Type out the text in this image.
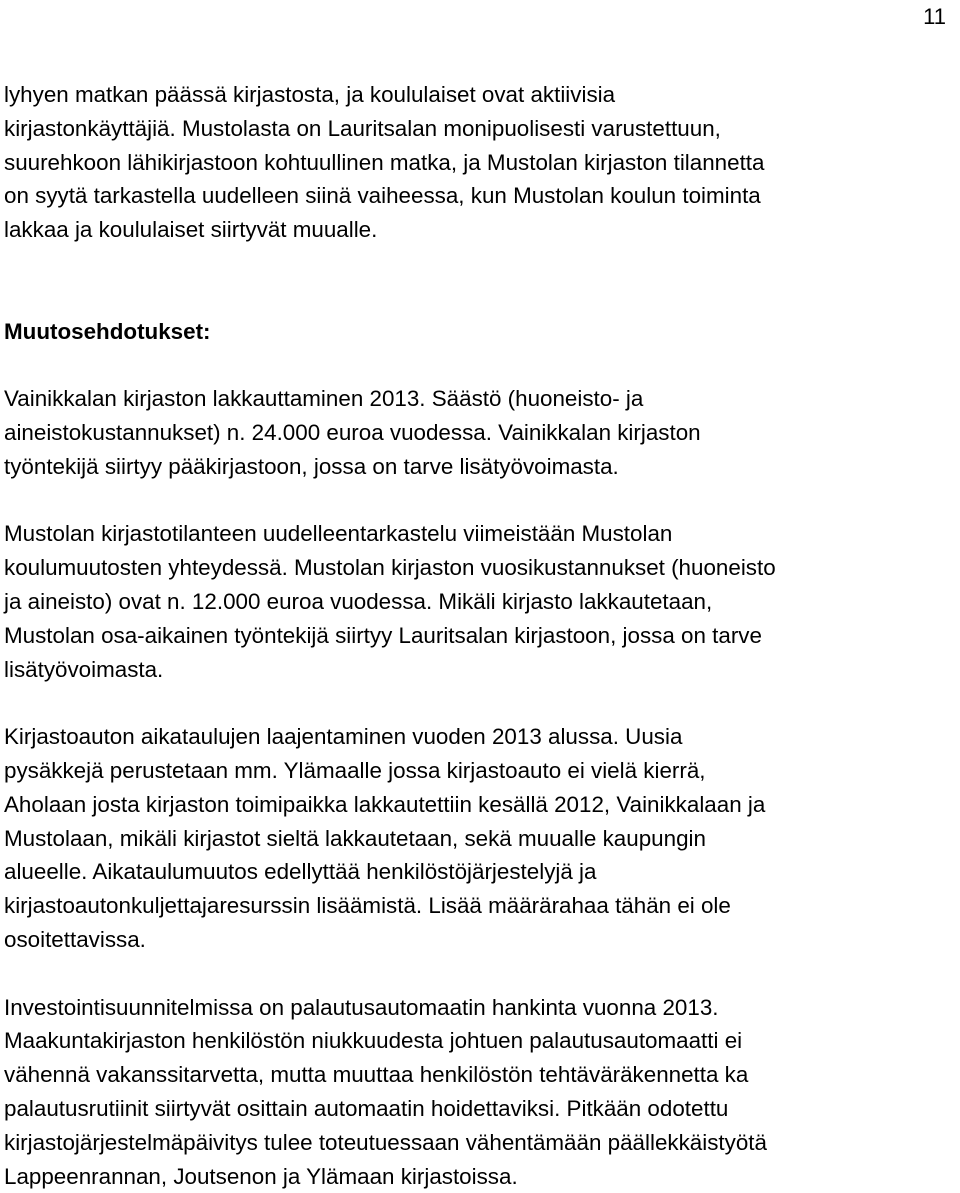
11

lyhyen matkan päässä kirjastosta, ja koululaiset ovat aktiivisia
kirjastonkäyttäjiä. Mustolasta on Lauritsalan monipuolisesti varustettuun,
suurehkoon lähikirjastoon kohtuullinen matka, ja Mustolan kirjaston tilannetta
on syytä tarkastella uudelleen siinä vaiheessa, kun Mustolan koulun toiminta
lakkaa ja koululaiset siirtyvät muualle.

Muutosehdotukset:

Vainikkalan kirjaston lakkauttaminen 2013. Säästö (huoneisto- ja
aineistokustannukset) n. 24.000 euroa vuodessa. Vainikkalan kirjaston
työntekijä siirtyy pääkirjastoon, jossa on tarve lisätyövoimasta.

Mustolan kirjastotilanteen uudelleentarkastelu viimeistään Mustolan
koulumuutosten yhteydessä. Mustolan kirjaston vuosikustannukset (huoneisto
ja aineisto) ovat n. 12.000 euroa vuodessa. Mikäli kirjasto lakkautetaan,
Mustolan osa-aikainen työntekijä siirtyy Lauritsalan kirjastoon, jossa on tarve
lisätyövoimasta.

Kirjastoauton aikataulujen laajentaminen vuoden 2013 alussa. Uusia
pysäkkejä perustetaan mm. Ylämaalle jossa kirjastoauto ei vielä kierrä,
Aholaan josta kirjaston toimipaikka lakkautettiin kesällä 2012, Vainikkalaan ja
Mustolaan, mikäli kirjastot sieltä lakkautetaan, sekä muualle kaupungin
alueelle. Aikataulumuutos edellyttää henkilöstöjärjestelyjä ja
kirjastoautonkuljettajaresurssin lisäämistä. Lisää määrärahaa tähän ei ole
osoitettavissa.

Investointisuunnitelmissa on palautusautomaatin hankinta vuonna 2013.
Maakuntakirjaston henkilöstön niukkuudesta johtuen palautusautomaatti ei
vähennä vakanssitarvetta, mutta muuttaa henkilöstön tehtäväräkennetta ka
palautusrutiinit siirtyvät osittain automaatin hoidettaviksi. Pitkään odotettu
kirjastojärjestelmäpäivitys tulee toteutuessaan vähentämään päällekkäistyötä
Lappeenrannan, Joutsenon ja Ylämaan kirjastoissa.
